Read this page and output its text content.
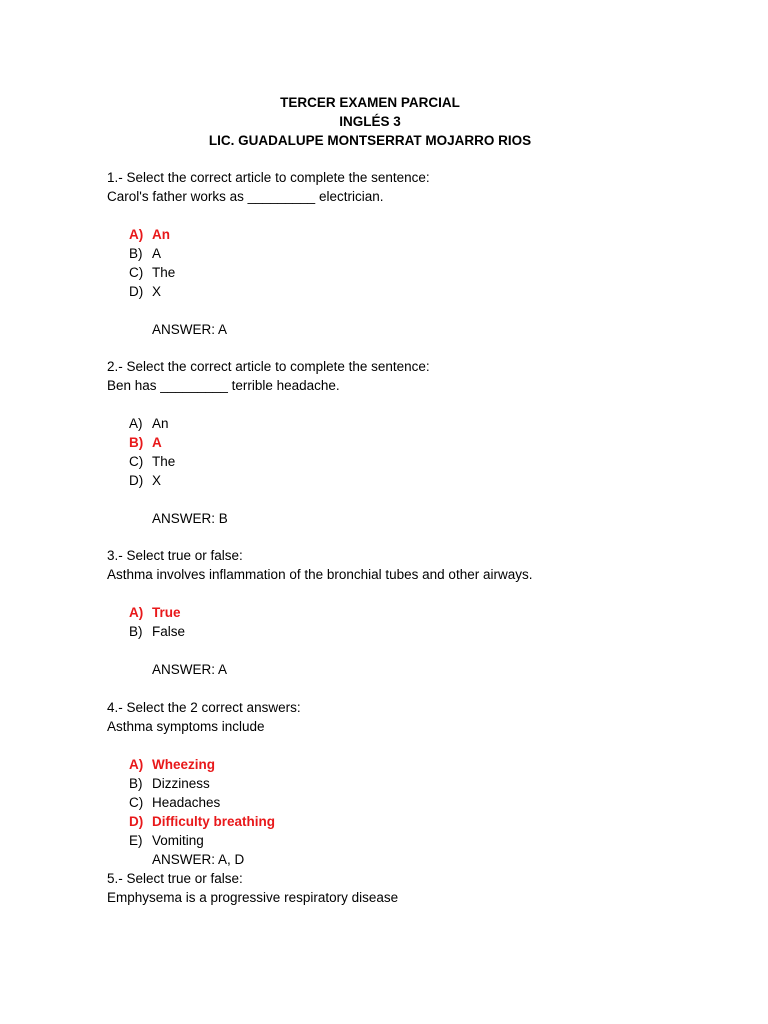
TERCER EXAMEN PARCIAL
INGLÉS 3
LIC. GUADALUPE MONTSERRAT MOJARRO RIOS
1.- Select the correct article to complete the sentence:
Carol's father works as _________ electrician.
A) An
B) A
C) The
D) X
ANSWER: A
2.- Select the correct article to complete the sentence:
Ben has _________ terrible headache.
A) An
B) A
C) The
D) X
ANSWER: B
3.- Select true or false:
Asthma involves inflammation of the bronchial tubes and other airways.
A) True
B) False
ANSWER: A
4.- Select the 2 correct answers:
Asthma symptoms include
A) Wheezing
B) Dizziness
C) Headaches
D) Difficulty breathing
E) Vomiting
ANSWER: A, D
5.- Select true or false:
Emphysema is a progressive respiratory disease
